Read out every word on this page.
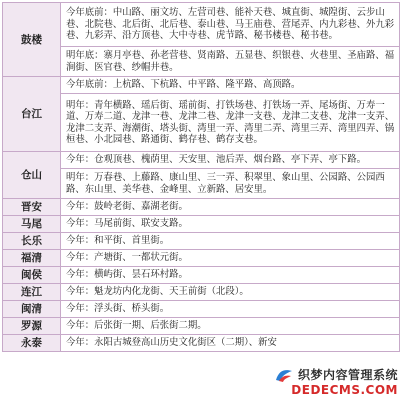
鼓楼	今年底前：中山路、丽文坊、左营司巷、能补天巷、城直街、城隍街、云步山巷、北院巷、北后街、北后巷、泰山巷、马王庙巷、营尾弄、内九彩巷、外九彩巷、九彩弄、沿方顶巷、大中寺巷、虎节路、秘书楼巷、秘书巷。
	明年底：寨月亭巷、孙老营巷、贤南路、五显巷、织银巷、火巷里、圣庙路、福涧街、医官巷、纱帽井巷。
台江	今年底前：上杭路、下杭路、中平路、隆平路、高顶路。
	明年：青年横路、瑶后街、瑶前街、打铁场巷、打铁场一弄、尾场街、万寿一道、万寿二道、龙津一巷、龙津二巷、龙津一支巷、龙津二支巷、龙津一支弄、龙津二支弄、海潮街、塔头街、湾里一弄、湾里二弄、湾里三弄、湾里四弄、锅桓巷、小北园巷、路通街、鹤存巷、鹤存支巷。
仓山	今年：仓观顶巷、槐荫里、天安里、池后弄、烟台路、亭下弄、亭下路。
	明年：万春巷、上藤路、康山里、三一弄、积翠里、象山里、公园路、公园西路、东山里、美华巷、金峰里、立新路、居安里。
晋安	今年：鼓岭老街、嘉湖老街。
马尾	今年：马尾前街、联安支路。
长乐	今年：和平街、首里街。
福清	今年：产塘街、一都状元街。
闽侯	今年：横屿街、昙石环村路。
连江	今年：魁龙坊内化龙街、天王前街（北段）。
闽清	今年：浮头街、桥头街。
罗源	今年：后张街一期、后张街二期。
永泰	今年：永阳古城登高山历史文化街区（二期）、新安
织梦内容管理系统
DEDECMS.COM
